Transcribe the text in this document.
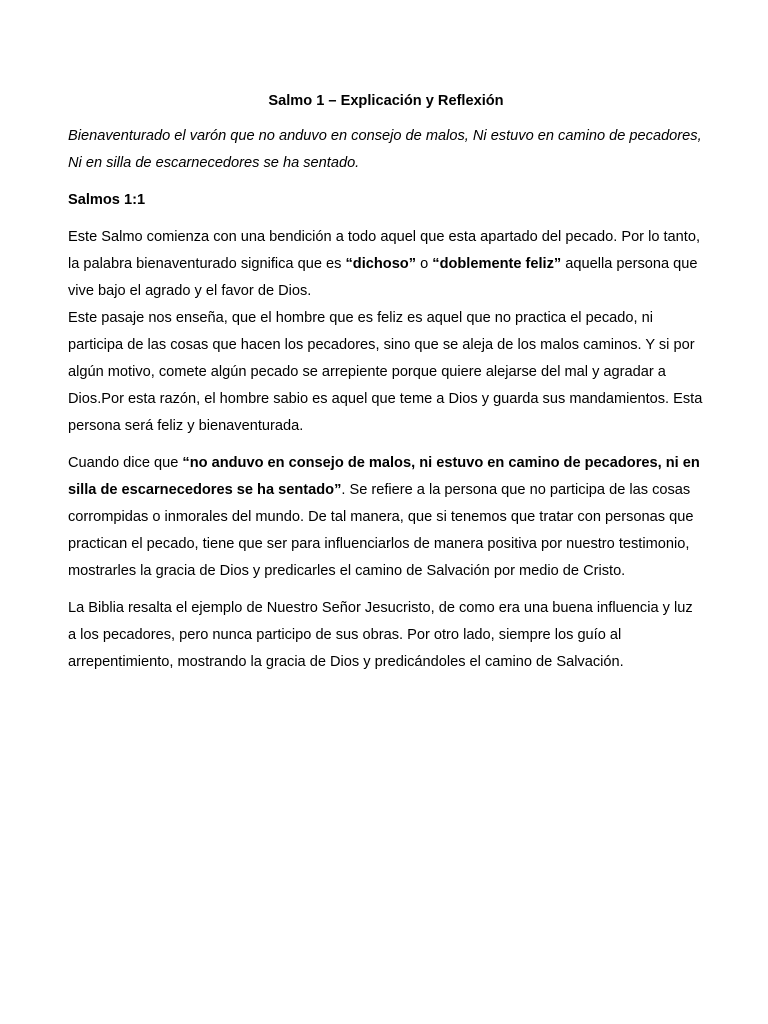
Salmo 1 – Explicación y Reflexión

Bienaventurado el varón que no anduvo en consejo de malos, Ni estuvo en camino de pecadores, Ni en silla de escarnecedores se ha sentado.

Salmos 1:1

Este Salmo comienza con una bendición a todo aquel que esta apartado del pecado. Por lo tanto, la palabra bienaventurado significa que es “dichoso” o “doblemente feliz” aquella persona que vive bajo el agrado y el favor de Dios.

Este pasaje nos enseña, que el hombre que es feliz es aquel que no practica el pecado, ni participa de las cosas que hacen los pecadores, sino que se aleja de los malos caminos. Y si por algún motivo, comete algún pecado se arrepiente porque quiere alejarse del mal y agradar a Dios.Por esta razón, el hombre sabio es aquel que teme a Dios y guarda sus mandamientos. Esta persona será feliz y bienaventurada.

Cuando dice que “no anduvo en consejo de malos, ni estuvo en camino de pecadores, ni en silla de escarnecedores se ha sentado”. Se refiere a la persona que no participa de las cosas corrompidas o inmorales del mundo. De tal manera, que si tenemos que tratar con personas que practican el pecado, tiene que ser para influenciarlos de manera positiva por nuestro testimonio, mostrarles la gracia de Dios y predicarles el camino de Salvación por medio de Cristo.

La Biblia resalta el ejemplo de Nuestro Señor Jesucristo, de como era una buena influencia y luz a los pecadores, pero nunca participo de sus obras. Por otro lado, siempre los guío al arrepentimiento, mostrando la gracia de Dios y predicándoles el camino de Salvación.
